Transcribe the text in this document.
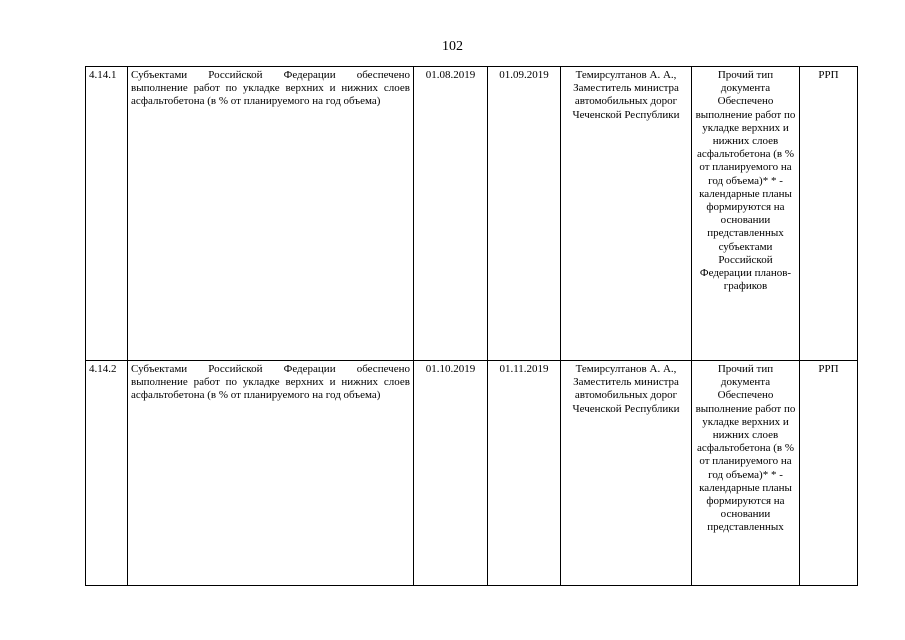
102
4.14.1	Субъектами Российской Федерации обеспечено выполнение работ по укладке верхних и нижних слоев асфальтобетона (в % от планируемого на год объема)	01.08.2019	01.09.2019	Темирсултанов А. А., Заместитель министра автомобильных дорог Чеченской Республики	Прочий тип документа Обеспечено выполнение работ по укладке верхних и нижних слоев асфальтобетона (в % от планируемого на год объема)* * - календарные планы формируются на основании представленных субъектами Российской Федерации планов- графиков	РРП
4.14.2	Субъектами Российской Федерации обеспечено выполнение работ по укладке верхних и нижних слоев асфальтобетона (в % от планируемого на год объема)	01.10.2019	01.11.2019	Темирсултанов А. А., Заместитель министра автомобильных дорог Чеченской Республики	Прочий тип документа Обеспечено выполнение работ по укладке верхних и нижних слоев асфальтобетона (в % от планируемого на год объема)* * - календарные планы формируются на основании представленных	РРП
